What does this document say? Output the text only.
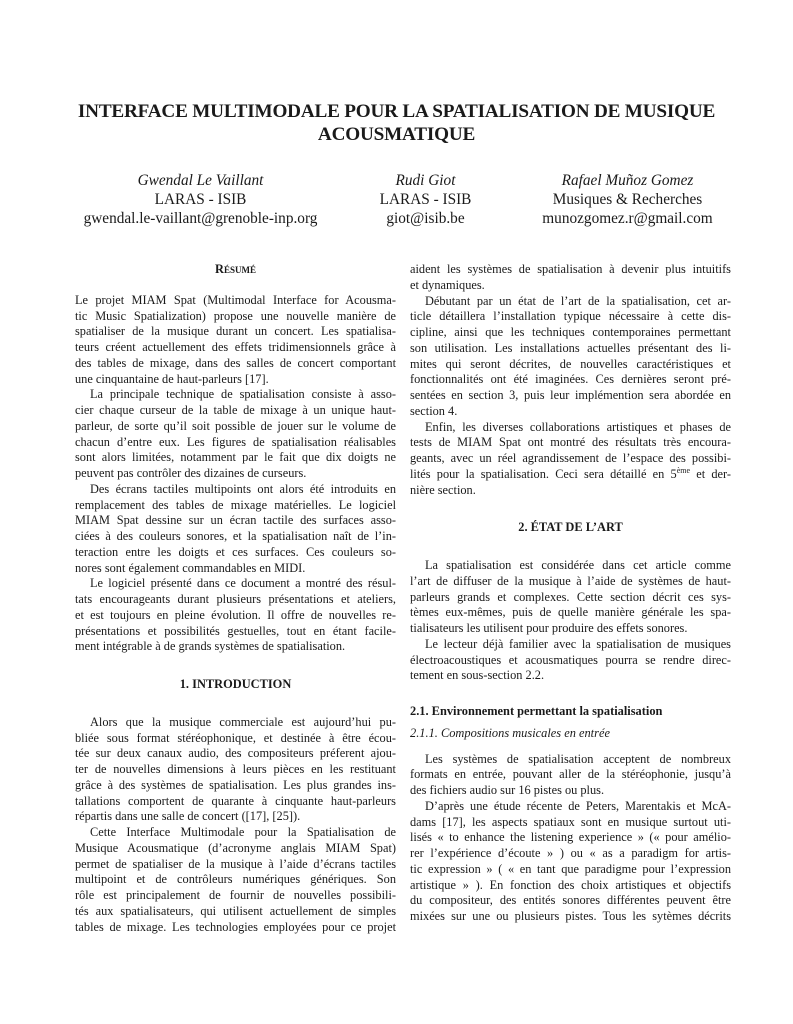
INTERFACE MULTIMODALE POUR LA SPATIALISATION DE MUSIQUE
ACOUSMATIQUE
Gwendal Le Vaillant
LARAS - ISIB
gwendal.le-vaillant@grenoble-inp.org
Rudi Giot
LARAS - ISIB
giot@isib.be
Rafael Muñoz Gomez
Musiques & Recherches
munozgomez.r@gmail.com
Résumé
Le projet MIAM Spat (Multimodal Interface for Acousma-
tic Music Spatialization) propose une nouvelle manière de
spatialiser de la musique durant un concert. Les spatialisa-
teurs créent actuellement des effets tridimensionnels grâce à
des tables de mixage, dans des salles de concert comportant
une cinquantaine de haut-parleurs [17].
La principale technique de spatialisation consiste à asso-
cier chaque curseur de la table de mixage à un unique haut-
parleur, de sorte qu’il soit possible de jouer sur le volume de
chacun d’entre eux. Les figures de spatialisation réalisables
sont alors limitées, notamment par le fait que dix doigts ne
peuvent pas contrôler des dizaines de curseurs.
Des écrans tactiles multipoints ont alors été introduits en
remplacement des tables de mixage matérielles. Le logiciel
MIAM Spat dessine sur un écran tactile des surfaces asso-
ciées à des couleurs sonores, et la spatialisation naît de l’in-
teraction entre les doigts et ces surfaces. Ces couleurs so-
nores sont également commandables en MIDI.
Le logiciel présenté dans ce document a montré des résul-
tats encourageants durant plusieurs présentations et ateliers,
et est toujours en pleine évolution. Il offre de nouvelles re-
présentations et possibilités gestuelles, tout en étant facile-
ment intégrable à de grands systèmes de spatialisation.
1. INTRODUCTION
Alors que la musique commerciale est aujourd’hui pu-
bliée sous format stéréophonique, et destinée à être écou-
tée sur deux canaux audio, des compositeurs préferent ajou-
ter de nouvelles dimensions à leurs pièces en les restituant
grâce à des systèmes de spatialisation. Les plus grandes ins-
tallations comportent de quarante à cinquante haut-parleurs
répartis dans une salle de concert ([17], [25]).
Cette Interface Multimodale pour la Spatialisation de
Musique Acousmatique (d’acronyme anglais MIAM Spat)
permet de spatialiser de la musique à l’aide d’écrans tactiles
multipoint et de contrôleurs numériques génériques. Son
rôle est principalement de fournir de nouvelles possibili-
tés aux spatialisateurs, qui utilisent actuellement de simples
tables de mixage. Les technologies employées pour ce projet
aident les systèmes de spatialisation à devenir plus intuitifs
et dynamiques.
Débutant par un état de l’art de la spatialisation, cet ar-
ticle détaillera l’installation typique nécessaire à cette dis-
cipline, ainsi que les techniques contemporaines permettant
son utilisation. Les installations actuelles présentant des li-
mites qui seront décrites, de nouvelles caractéristiques et
fonctionnalités ont été imaginées. Ces dernières seront pré-
sentées en section 3, puis leur implémention sera abordée en
section 4.
Enfin, les diverses collaborations artistiques et phases de
tests de MIAM Spat ont montré des résultats très encoura-
geants, avec un réel agrandissement de l’espace des possibi-
lités pour la spatialisation. Ceci sera détaillé en 5ème et der-
nière section.
2. ÉTAT DE L’ART
La spatialisation est considérée dans cet article comme
l’art de diffuser de la musique à l’aide de systèmes de haut-
parleurs grands et complexes. Cette section décrit ces sys-
tèmes eux-mêmes, puis de quelle manière générale les spa-
tialisateurs les utilisent pour produire des effets sonores.
Le lecteur déjà familier avec la spatialisation de musiques
électroacoustiques et acousmatiques pourra se rendre direc-
tement en sous-section 2.2.
2.1. Environnement permettant la spatialisation
2.1.1. Compositions musicales en entrée
Les systèmes de spatialisation acceptent de nombreux
formats en entrée, pouvant aller de la stéréophonie, jusqu’à
des fichiers audio sur 16 pistes ou plus.
D’après une étude récente de Peters, Marentakis et McA-
dams [17], les aspects spatiaux sont en musique surtout uti-
lisés « to enhance the listening experience » (« pour amélio-
rer l’expérience d’écoute » ) ou « as a paradigm for artis-
tic expression » ( « en tant que paradigme pour l’expression
artistique » ). En fonction des choix artistiques et objectifs
du compositeur, des entités sonores différentes peuvent être
mixées sur une ou plusieurs pistes. Tous les sytèmes décrits
